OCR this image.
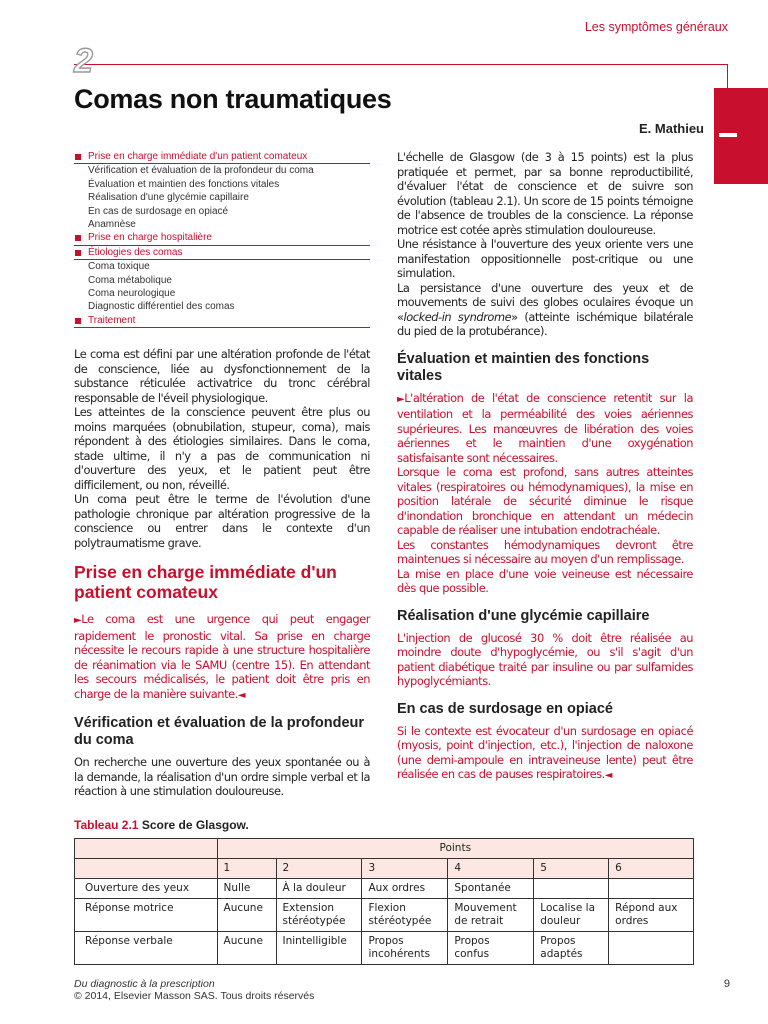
Les symptômes généraux
2
Comas non traumatiques
E. Mathieu
Prise en charge immédiate d'un patient comateux
Vérification et évaluation de la profondeur du coma
Évaluation et maintien des fonctions vitales
Réalisation d'une glycémie capillaire
En cas de surdosage en opiacé
Anamnèse
Prise en charge hospitalière
Étiologies des comas
Coma toxique
Coma métabolique
Coma neurologique
Diagnostic différentiel des comas
Traitement

Le coma est défini par une altération profonde de l'état de conscience, liée au dysfonctionnement de la substance réticulée activatrice du tronc cérébral responsable de l'éveil physiologique.

Les atteintes de la conscience peuvent être plus ou moins marquées (obnubilation, stupeur, coma), mais répondent à des étiologies similaires. Dans le coma, stade ultime, il n'y a pas de communication ni d'ouverture des yeux, et le patient peut être difficilement, ou non, réveillé.

Un coma peut être le terme de l'évolution d'une pathologie chronique par altération progressive de la conscience ou entrer dans le contexte d'un polytraumatisme grave.

Prise en charge immédiate d'un patient comateux

►Le coma est une urgence qui peut engager rapidement le pronostic vital. Sa prise en charge nécessite le recours rapide à une structure hospitalière de réanimation via le SAMU (centre 15). En attendant les secours médicalisés, le patient doit être pris en charge de la manière suivante.◄

Vérification et évaluation de la profondeur du coma

On recherche une ouverture des yeux spontanée ou à la demande, la réalisation d'un ordre simple verbal et la réaction à une stimulation douloureuse.

L'échelle de Glasgow (de 3 à 15 points) est la plus pratiquée et permet, par sa bonne reproductibilité, d'évaluer l'état de conscience et de suivre son évolution (tableau 2.1). Un score de 15 points témoigne de l'absence de troubles de la conscience. La réponse motrice est cotée après stimulation douloureuse.

Une résistance à l'ouverture des yeux oriente vers une manifestation oppositionnelle post-critique ou une simulation.

La persistance d'une ouverture des yeux et de mouvements de suivi des globes oculaires évoque un «locked-in syndrome» (atteinte ischémique bilatérale du pied de la protubérance).

Évaluation et maintien des fonctions vitales

►L'altération de l'état de conscience retentit sur la ventilation et la perméabilité des voies aériennes supérieures. Les manœuvres de libération des voies aériennes et le maintien d'une oxygénation satisfaisante sont nécessaires.

Lorsque le coma est profond, sans autres atteintes vitales (respiratoires ou hémodynamiques), la mise en position latérale de sécurité diminue le risque d'inondation bronchique en attendant un médecin capable de réaliser une intubation endotrachéale.

Les constantes hémodynamiques devront être maintenues si nécessaire au moyen d'un remplissage.

La mise en place d'une voie veineuse est nécessaire dès que possible.

Réalisation d'une glycémie capillaire

L'injection de glucosé 30 % doit être réalisée au moindre doute d'hypoglycémie, ou s'il s'agit d'un patient diabétique traité par insuline ou par sulfamides hypoglycémiants.

En cas de surdosage en opiacé

Si le contexte est évocateur d'un surdosage en opiacé (myosis, point d'injection, etc.), l'injection de naloxone (une demi-ampoule en intraveineuse lente) peut être réalisée en cas de pauses respiratoires.◄

Tableau 2.1 Score de Glasgow.
	Points					
	1	2	3	4	5	6
Ouverture des yeux	Nulle	À la douleur	Aux ordres	Spontanée		
Réponse motrice	Aucune	Extension stéréotypée	Flexion stéréotypée	Mouvement de retrait	Localise la douleur	Répond aux ordres
Réponse verbale	Aucune	Inintelligible	Propos incohérents	Propos confus	Propos adaptés	
Du diagnostic à la prescription
© 2014, Elsevier Masson SAS. Tous droits réservés
9
